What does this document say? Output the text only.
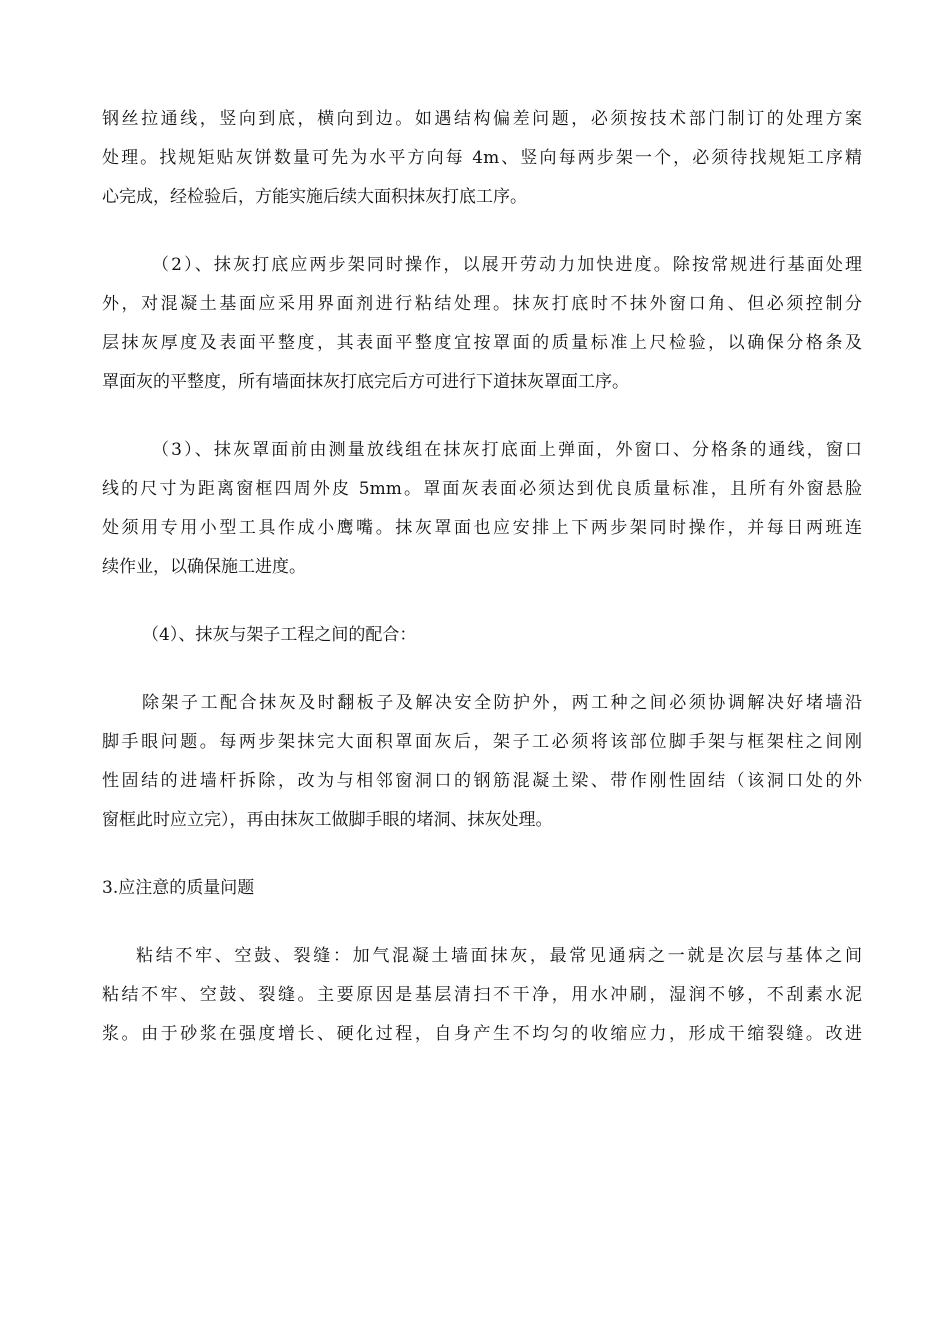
钢丝拉通线，竖向到底，横向到边。如遇结构偏差问题，必须按技术部门制订的处理方案
处理。找规矩贴灰饼数量可先为水平方向每 4m、竖向每两步架一个，必须待找规矩工序精
心完成，经检验后，方能实施后续大面积抹灰打底工序。
（2）、抹灰打底应两步架同时操作，以展开劳动力加快进度。除按常规进行基面处理
外，对混凝土基面应采用界面剂进行粘结处理。抹灰打底时不抹外窗口角、但必须控制分
层抹灰厚度及表面平整度，其表面平整度宜按罩面的质量标准上尺检验，以确保分格条及
罩面灰的平整度，所有墙面抹灰打底完后方可进行下道抹灰罩面工序。
（3）、抹灰罩面前由测量放线组在抹灰打底面上弹面，外窗口、分格条的通线，窗口
线的尺寸为距离窗框四周外皮 5mm。罩面灰表面必须达到优良质量标准，且所有外窗悬脸
处须用专用小型工具作成小鹰嘴。抹灰罩面也应安排上下两步架同时操作，并每日两班连
续作业，以确保施工进度。
（4）、抹灰与架子工程之间的配合：
除架子工配合抹灰及时翻板子及解决安全防护外，两工种之间必须协调解决好堵墙沿
脚手眼问题。每两步架抹完大面积罩面灰后，架子工必须将该部位脚手架与框架柱之间刚
性固结的进墙杆拆除，改为与相邻窗洞口的钢筋混凝土梁、带作刚性固结（该洞口处的外
窗框此时应立完），再由抹灰工做脚手眼的堵洞、抹灰处理。
3.应注意的质量问题
粘结不牢、空鼓、裂缝：加气混凝土墙面抹灰，最常见通病之一就是次层与基体之间
粘结不牢、空鼓、裂缝。主要原因是基层清扫不干净，用水冲刷，湿润不够，不刮素水泥
浆。由于砂浆在强度增长、硬化过程，自身产生不均匀的收缩应力，形成干缩裂缝。改进
